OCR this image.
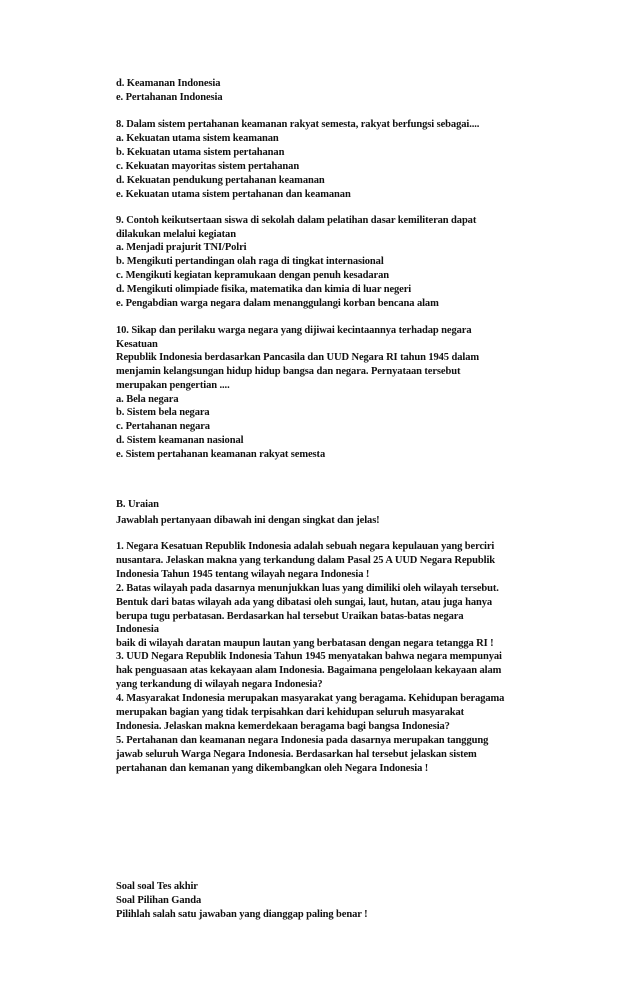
d. Keamanan Indonesia
e. Pertahanan Indonesia
8. Dalam sistem pertahanan keamanan rakyat semesta, rakyat berfungsi sebagai....
a. Kekuatan utama sistem keamanan
b. Kekuatan utama sistem pertahanan
c. Kekuatan mayoritas sistem pertahanan
d. Kekuatan pendukung pertahanan keamanan
e. Kekuatan utama sistem pertahanan dan keamanan
9. Contoh keikutsertaan siswa di sekolah dalam pelatihan dasar kemiliteran dapat
dilakukan melalui kegiatan
a. Menjadi prajurit TNI/Polri
b. Mengikuti pertandingan olah raga di tingkat internasional
c. Mengikuti kegiatan kepramukaan dengan penuh kesadaran
d. Mengikuti olimpiade fisika, matematika dan kimia di luar negeri
e. Pengabdian warga negara dalam menanggulangi korban bencana alam
10. Sikap dan perilaku warga negara yang dijiwai kecintaannya terhadap negara
Kesatuan
Republik Indonesia berdasarkan Pancasila dan UUD Negara RI tahun 1945 dalam
menjamin kelangsungan hidup hidup bangsa dan negara. Pernyataan tersebut
merupakan pengertian ....
a. Bela negara
b. Sistem bela negara
c. Pertahanan negara
d. Sistem keamanan nasional
e. Sistem pertahanan keamanan rakyat semesta
B. Uraian
Jawablah pertanyaan dibawah ini dengan singkat dan jelas!
1. Negara Kesatuan Republik Indonesia adalah sebuah negara kepulauan yang berciri
nusantara. Jelaskan makna yang terkandung dalam Pasal 25 A UUD Negara Republik
Indonesia Tahun 1945 tentang wilayah negara Indonesia !
2. Batas wilayah pada dasarnya menunjukkan luas yang dimiliki oleh wilayah tersebut.
Bentuk dari batas wilayah ada yang dibatasi oleh sungai, laut, hutan, atau juga hanya
berupa tugu perbatasan. Berdasarkan hal tersebut Uraikan batas-batas negara
Indonesia
baik di wilayah daratan maupun lautan yang berbatasan dengan negara tetangga RI !
3. UUD Negara Republik Indonesia Tahun 1945 menyatakan bahwa negara mempunyai
hak penguasaan atas kekayaan alam Indonesia. Bagaimana pengelolaan kekayaan alam
yang terkandung di wilayah negara Indonesia?
4. Masyarakat Indonesia merupakan masyarakat yang beragama. Kehidupan beragama
merupakan bagian yang tidak terpisahkan dari kehidupan seluruh masyarakat
Indonesia. Jelaskan makna kemerdekaan beragama bagi bangsa Indonesia?
5. Pertahanan dan keamanan negara Indonesia pada dasarnya merupakan tanggung
jawab seluruh Warga Negara Indonesia. Berdasarkan hal tersebut jelaskan sistem
pertahanan dan kemanan yang dikembangkan oleh Negara Indonesia !
Soal soal Tes akhir
Soal Pilihan Ganda
Pilihlah salah satu jawaban yang dianggap paling benar !
